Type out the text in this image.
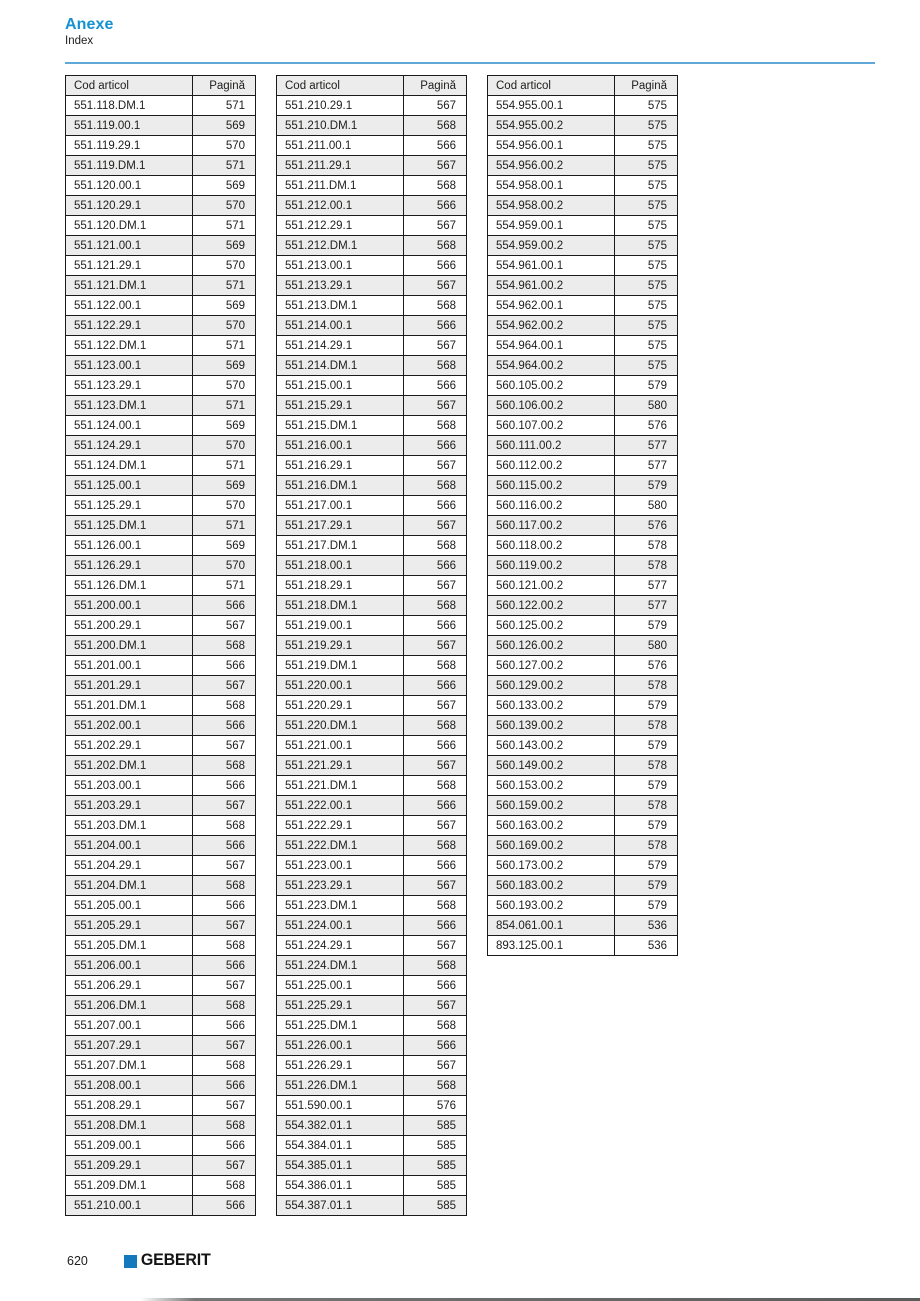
Anexe
Index
Cod articol	Pagină
551.118.DM.1	571
551.119.00.1	569
551.119.29.1	570
551.119.DM.1	571
551.120.00.1	569
551.120.29.1	570
551.120.DM.1	571
551.121.00.1	569
551.121.29.1	570
551.121.DM.1	571
551.122.00.1	569
551.122.29.1	570
551.122.DM.1	571
551.123.00.1	569
551.123.29.1	570
551.123.DM.1	571
551.124.00.1	569
551.124.29.1	570
551.124.DM.1	571
551.125.00.1	569
551.125.29.1	570
551.125.DM.1	571
551.126.00.1	569
551.126.29.1	570
551.126.DM.1	571
551.200.00.1	566
551.200.29.1	567
551.200.DM.1	568
551.201.00.1	566
551.201.29.1	567
551.201.DM.1	568
551.202.00.1	566
551.202.29.1	567
551.202.DM.1	568
551.203.00.1	566
551.203.29.1	567
551.203.DM.1	568
551.204.00.1	566
551.204.29.1	567
551.204.DM.1	568
551.205.00.1	566
551.205.29.1	567
551.205.DM.1	568
551.206.00.1	566
551.206.29.1	567
551.206.DM.1	568
551.207.00.1	566
551.207.29.1	567
551.207.DM.1	568
551.208.00.1	566
551.208.29.1	567
551.208.DM.1	568
551.209.00.1	566
551.209.29.1	567
551.209.DM.1	568
551.210.00.1	566
Cod articol	Pagină
551.210.29.1	567
551.210.DM.1	568
551.211.00.1	566
551.211.29.1	567
551.211.DM.1	568
551.212.00.1	566
551.212.29.1	567
551.212.DM.1	568
551.213.00.1	566
551.213.29.1	567
551.213.DM.1	568
551.214.00.1	566
551.214.29.1	567
551.214.DM.1	568
551.215.00.1	566
551.215.29.1	567
551.215.DM.1	568
551.216.00.1	566
551.216.29.1	567
551.216.DM.1	568
551.217.00.1	566
551.217.29.1	567
551.217.DM.1	568
551.218.00.1	566
551.218.29.1	567
551.218.DM.1	568
551.219.00.1	566
551.219.29.1	567
551.219.DM.1	568
551.220.00.1	566
551.220.29.1	567
551.220.DM.1	568
551.221.00.1	566
551.221.29.1	567
551.221.DM.1	568
551.222.00.1	566
551.222.29.1	567
551.222.DM.1	568
551.223.00.1	566
551.223.29.1	567
551.223.DM.1	568
551.224.00.1	566
551.224.29.1	567
551.224.DM.1	568
551.225.00.1	566
551.225.29.1	567
551.225.DM.1	568
551.226.00.1	566
551.226.29.1	567
551.226.DM.1	568
551.590.00.1	576
554.382.01.1	585
554.384.01.1	585
554.385.01.1	585
554.386.01.1	585
554.387.01.1	585
Cod articol	Pagină
554.955.00.1	575
554.955.00.2	575
554.956.00.1	575
554.956.00.2	575
554.958.00.1	575
554.958.00.2	575
554.959.00.1	575
554.959.00.2	575
554.961.00.1	575
554.961.00.2	575
554.962.00.1	575
554.962.00.2	575
554.964.00.1	575
554.964.00.2	575
560.105.00.2	579
560.106.00.2	580
560.107.00.2	576
560.111.00.2	577
560.112.00.2	577
560.115.00.2	579
560.116.00.2	580
560.117.00.2	576
560.118.00.2	578
560.119.00.2	578
560.121.00.2	577
560.122.00.2	577
560.125.00.2	579
560.126.00.2	580
560.127.00.2	576
560.129.00.2	578
560.133.00.2	579
560.139.00.2	578
560.143.00.2	579
560.149.00.2	578
560.153.00.2	579
560.159.00.2	578
560.163.00.2	579
560.169.00.2	578
560.173.00.2	579
560.183.00.2	579
560.193.00.2	579
854.061.00.1	536
893.125.00.1	536
620	GEBERIT
